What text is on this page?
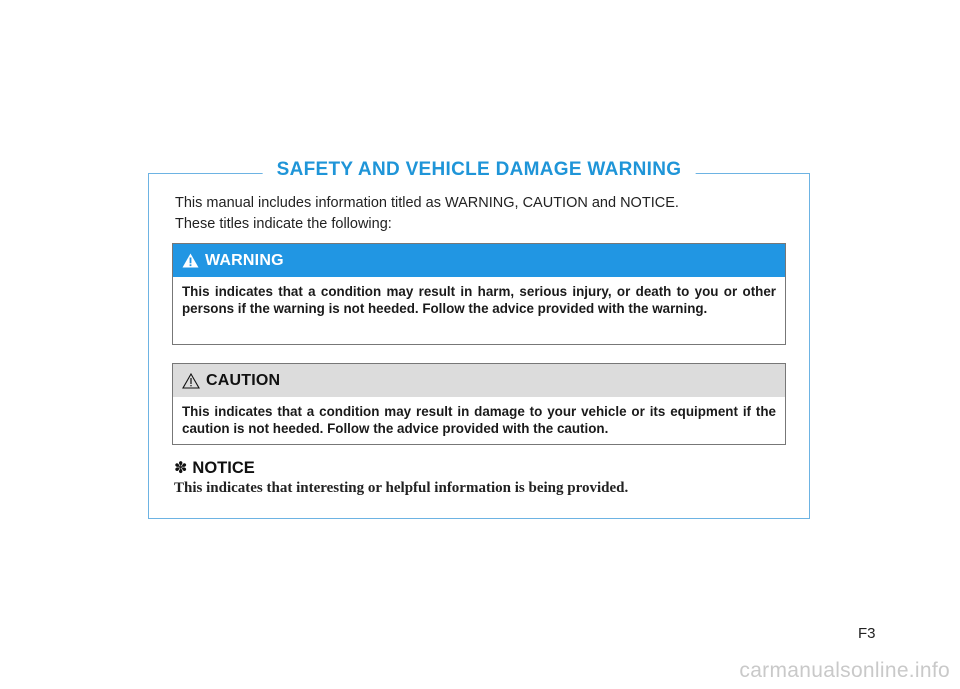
SAFETY AND VEHICLE DAMAGE WARNING
This manual includes information titled as WARNING, CAUTION and NOTICE.
These titles indicate the following:
WARNING
This indicates that a condition may result in harm, serious injury, or death to you or other persons if the warning is not heeded. Follow the advice provided with the warning.
CAUTION
This indicates that a condition may result in damage to your vehicle or its equipment if the caution is not heeded. Follow the advice provided with the caution.
✽ NOTICE
This indicates that interesting or helpful information is being provided.
F3
carmanualsonline.info
